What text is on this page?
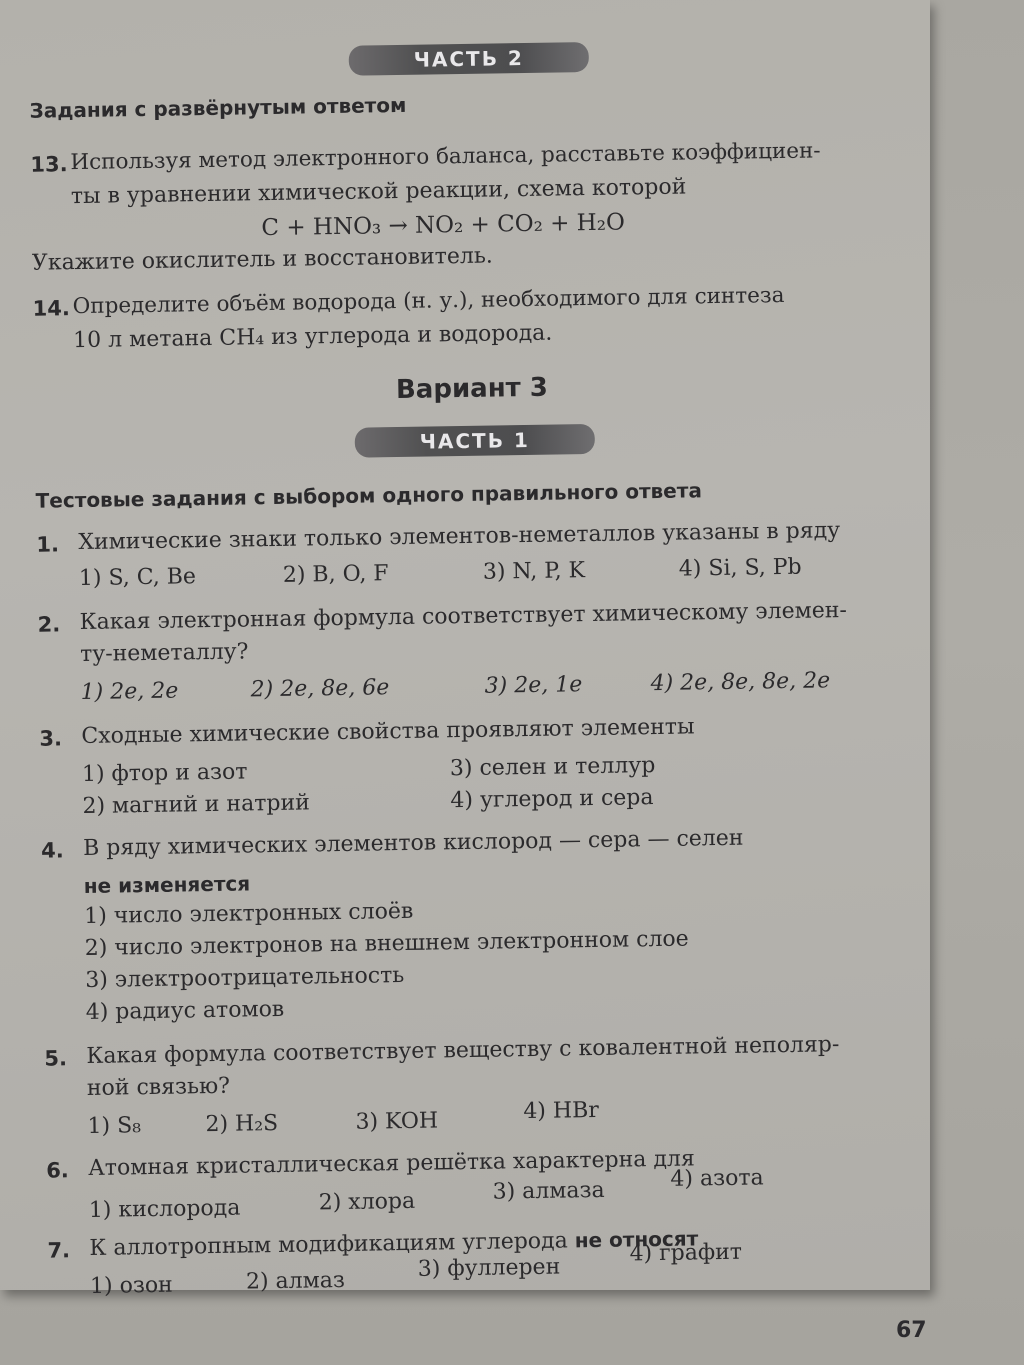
ЧАСТЬ 2
Задания с развёрнутым ответом
13. Используя метод электронного баланса, расставьте коэффициен-
ты в уравнении химической реакции, схема которой
C + HNO₃ → NO₂ + CO₂ + H₂O
Укажите окислитель и восстановитель.
14. Определите объём водорода (н. у.), необходимого для синтеза
10 л метана CH₄ из углерода и водорода.
Вариант 3
ЧАСТЬ 1
Тестовые задания с выбором одного правильного ответа
1. Химические знаки только элементов-неметаллов указаны в ряду
1) S, C, Be	2) B, O, F	3) N, P, K	4) Si, S, Pb
2. Какая электронная формула соответствует химическому элемен-
ту-неметаллу?
1) 2e, 2e	2) 2e, 8e, 6e	3) 2e, 1e	4) 2e, 8e, 8e, 2e
3. Сходные химические свойства проявляют элементы
1) фтор и азот
2) магний и натрий
3) селен и теллур
4) углерод и сера
4. В ряду химических элементов кислород — сера — селен
не изменяется
1) число электронных слоёв
2) число электронов на внешнем электронном слое
3) электроотрицательность
4) радиус атомов
5. Какая формула соответствует веществу с ковалентной неполяр-
ной связью?
1) S₈	2) H₂S	3) KOH	4) HBr
6. Атомная кристаллическая решётка характерна для
1) кислорода	2) хлора	3) алмаза	4) азота
7. К аллотропным модификациям углерода не относят
1) озон	2) алмаз	3) фуллерен
4) графит
67
